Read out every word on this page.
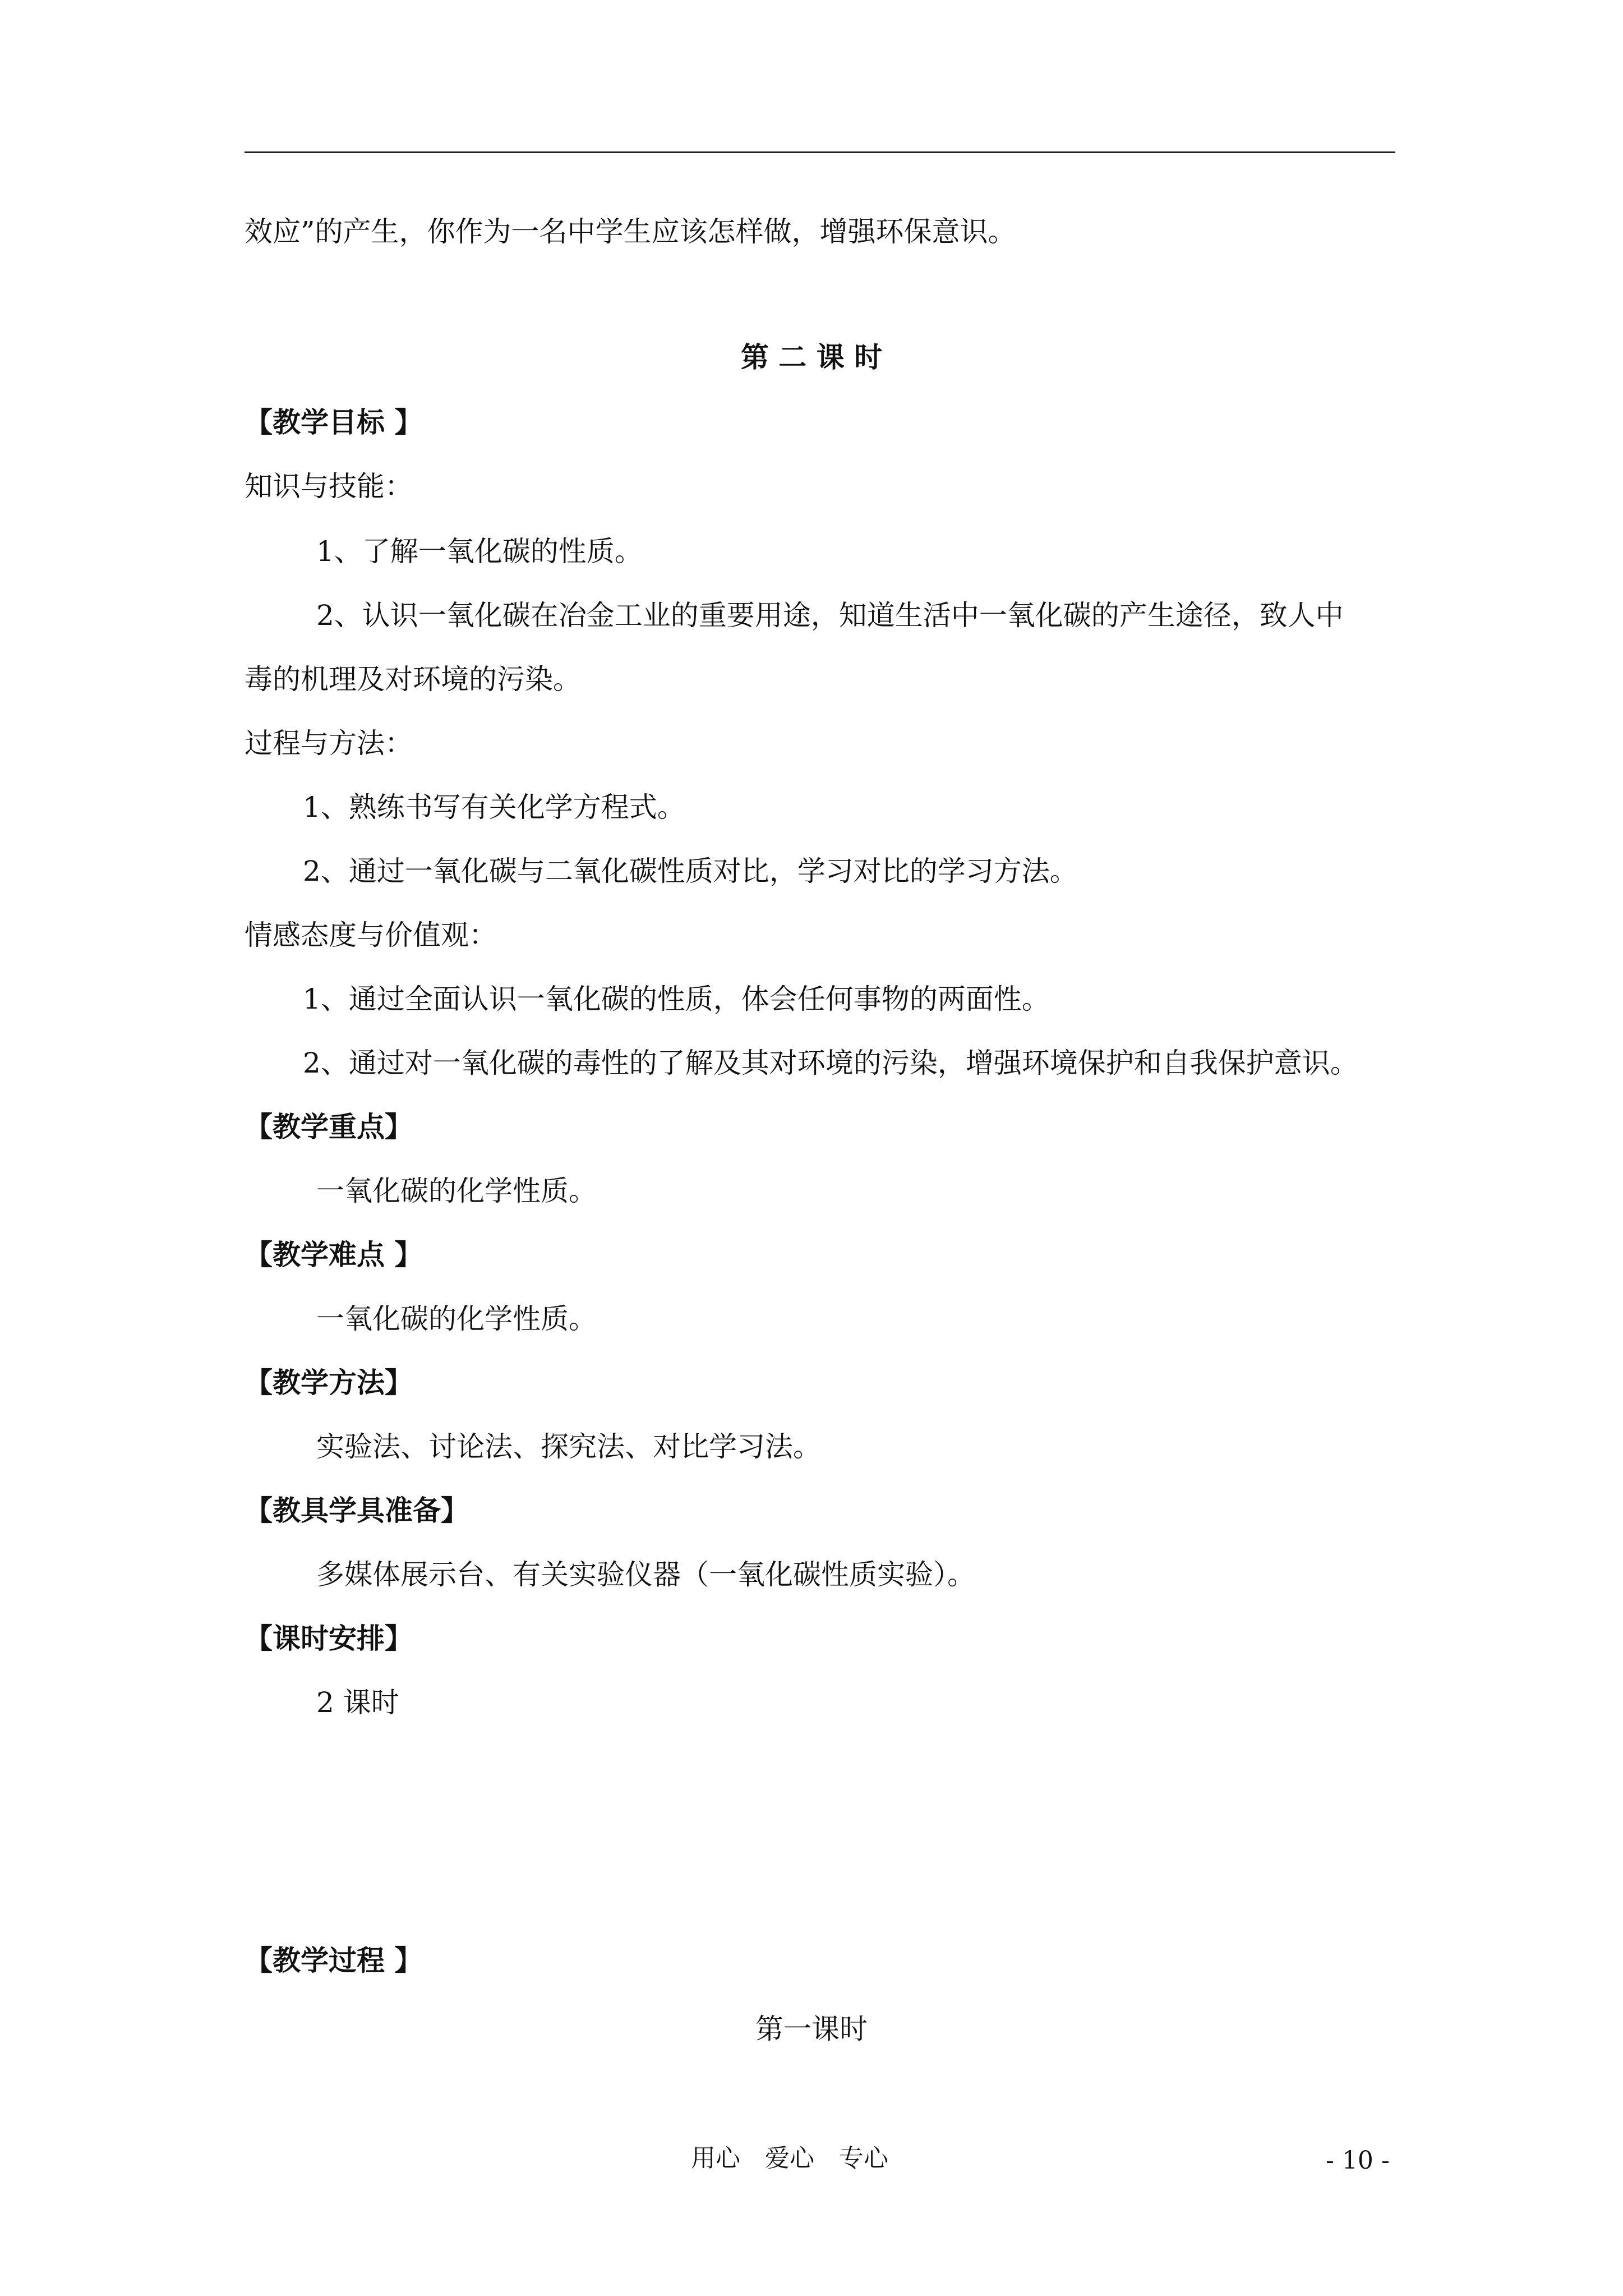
效应”的产生，你作为一名中学生应该怎样做，增强环保意识。
第 二 课 时
【教学目标 】
知识与技能：
1、了解一氧化碳的性质。
2、认识一氧化碳在冶金工业的重要用途，知道生活中一氧化碳的产生途径，致人中
毒的机理及对环境的污染。
过程与方法：
1、熟练书写有关化学方程式。
2、通过一氧化碳与二氧化碳性质对比，学习对比的学习方法。
情感态度与价值观：
1、通过全面认识一氧化碳的性质，体会任何事物的两面性。
2、通过对一氧化碳的毒性的了解及其对环境的污染，增强环境保护和自我保护意识。
【教学重点】
一氧化碳的化学性质。
【教学难点 】
一氧化碳的化学性质。
【教学方法】
实验法、讨论法、探究法、对比学习法。
【教具学具准备】
多媒体展示台、有关实验仪器（一氧化碳性质实验）。
【课时安排】
2 课时
【教学过程 】
第一课时
用心　爱心　专心	- 10 -
